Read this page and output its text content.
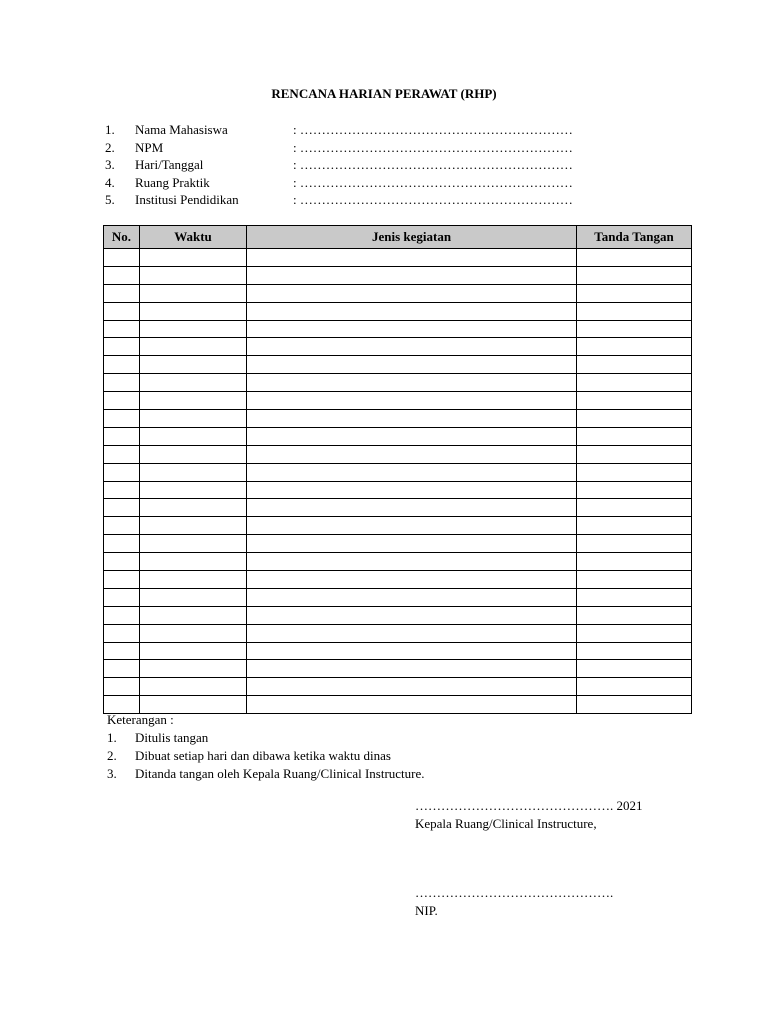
RENCANA HARIAN PERAWAT (RHP)
1. Nama Mahasiswa	: ………………………………………………………
2. NPM	: ………………………………………………………
3. Hari/Tanggal	: ………………………………………………………
4. Ruang Praktik	: ………………………………………………………
5. Institusi Pendidikan	: ………………………………………………………
No.	Waktu	Jenis kegiatan	Tanda Tangan

Keterangan :
1. Ditulis tangan
2. Dibuat setiap hari dan dibawa ketika waktu dinas
3. Ditanda tangan oleh Kepala Ruang/Clinical Instructure.
………………………………………. 2021
Kepala Ruang/Clinical Instructure,
……………………………………….
NIP.
